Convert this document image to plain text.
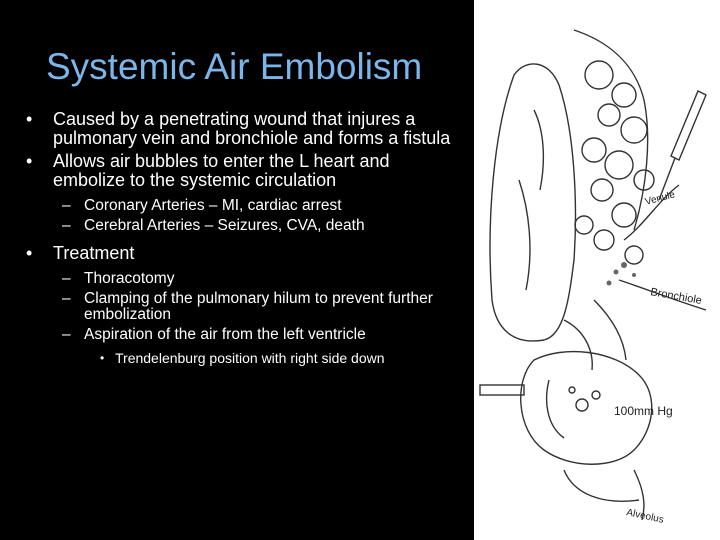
Systemic Air Embolism
• Caused by a penetrating wound that injures a pulmonary vein and bronchiole and forms a fistula
• Allows air bubbles to enter the L heart and embolize to the systemic circulation
– Coronary Arteries – MI, cardiac arrest
– Cerebral Arteries – Seizures, CVA, death
• Treatment
– Thoracotomy
– Clamping of the pulmonary hilum to prevent further embolization
– Aspiration of the air from the left ventricle
• Trendelenburg position with right side down
Venule
Bronchiole
100mm Hg
Alveolus
